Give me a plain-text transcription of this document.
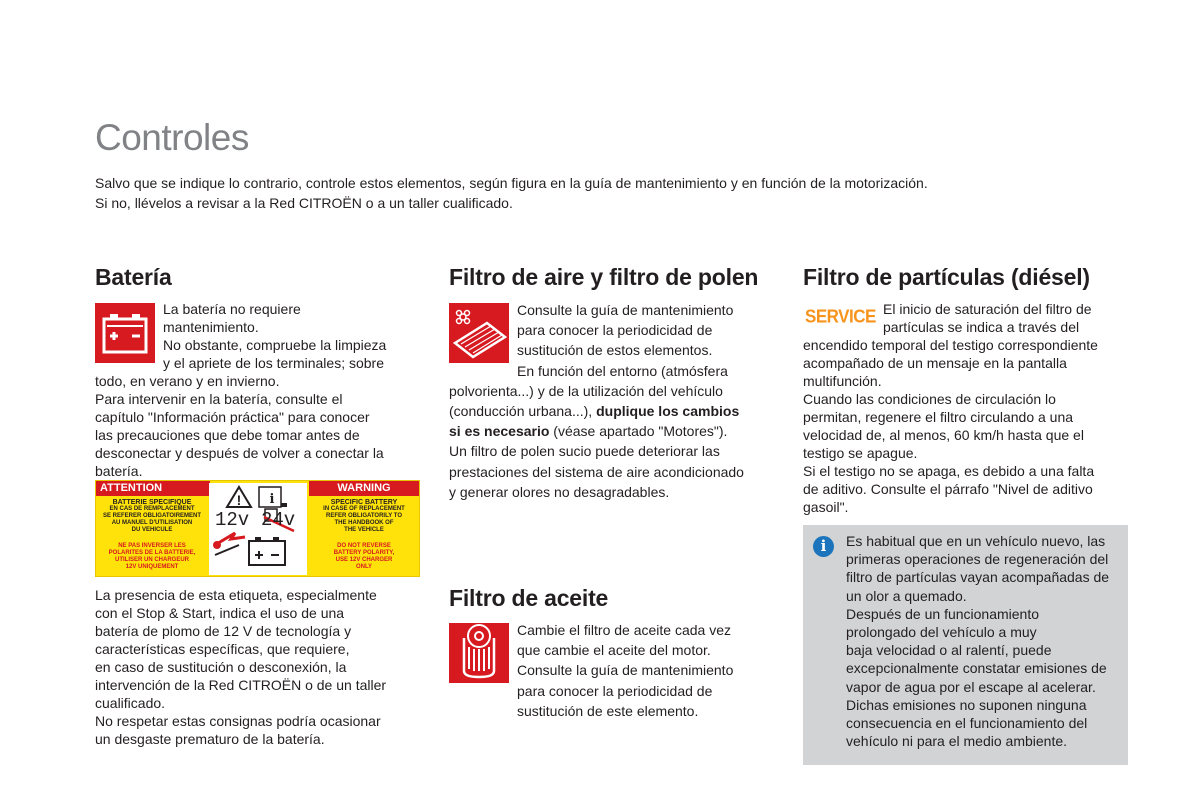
Controles
Salvo que se indique lo contrario, controle estos elementos, según figura en la guía de mantenimiento y en función de la motorización.
Si no, llévelos a revisar a la Red CITROËN o a un taller cualificado.
Batería
La batería no requiere
mantenimiento.
No obstante, compruebe la limpieza
y el apriete de los terminales; sobre
todo, en verano y en invierno.
Para intervenir en la batería, consulte el
capítulo "Información práctica" para conocer
las precauciones que debe tomar antes de
desconectar y después de volver a conectar la
batería.
ATTENTION	WARNING
BATTERIE SPECIFIQUE
EN CAS DE REMPLACEMENT
SE REFERER OBLIGATOIREMENT
AU MANUEL D'UTILISATION
DU VEHICULE
NE PAS INVERSER LES
POLARITES DE LA BATTERIE,
UTILISER UN CHARGEUR
12V UNIQUEMENT
SPECIFIC BATTERY
IN CASE OF REPLACEMENT
REFER OBLIGATORILY TO
THE HANDBOOK OF
THE VEHICLE
DO NOT REVERSE
BATTERY POLARITY,
USE 12V CHARGER
ONLY
! i
12v 24v
La presencia de esta etiqueta, especialmente
con el Stop & Start, indica el uso de una
batería de plomo de 12 V de tecnología y
características específicas, que requiere,
en caso de sustitución o desconexión, la
intervención de la Red CITROËN o de un taller
cualificado.
No respetar estas consignas podría ocasionar
un desgaste prematuro de la batería.
Filtro de aire y filtro de polen
Consulte la guía de mantenimiento
para conocer la periodicidad de
sustitución de estos elementos.
En función del entorno (atmósfera
polvorienta...) y de la utilización del vehículo
(conducción urbana...), duplique los cambios
si es necesario (véase apartado "Motores").
Un filtro de polen sucio puede deteriorar las
prestaciones del sistema de aire acondicionado
y generar olores no desagradables.
Filtro de aceite
Cambie el filtro de aceite cada vez
que cambie el aceite del motor.
Consulte la guía de mantenimiento
para conocer la periodicidad de
sustitución de este elemento.
Filtro de partículas (diésel)
SERVICE El inicio de saturación del filtro de
partículas se indica a través del
encendido temporal del testigo correspondiente
acompañado de un mensaje en la pantalla
multifunción.
Cuando las condiciones de circulación lo
permitan, regenere el filtro circulando a una
velocidad de, al menos, 60 km/h hasta que el
testigo se apague.
Si el testigo no se apaga, es debido a una falta
de aditivo. Consulte el párrafo "Nivel de aditivo
gasoil".
i	Es habitual que en un vehículo nuevo, las
primeras operaciones de regeneración del
filtro de partículas vayan acompañadas de
un olor a quemado.
Después de un funcionamiento
prolongado del vehículo a muy
baja velocidad o al ralentí, puede
excepcionalmente constatar emisiones de
vapor de agua por el escape al acelerar.
Dichas emisiones no suponen ninguna
consecuencia en el funcionamiento del
vehículo ni para el medio ambiente.
